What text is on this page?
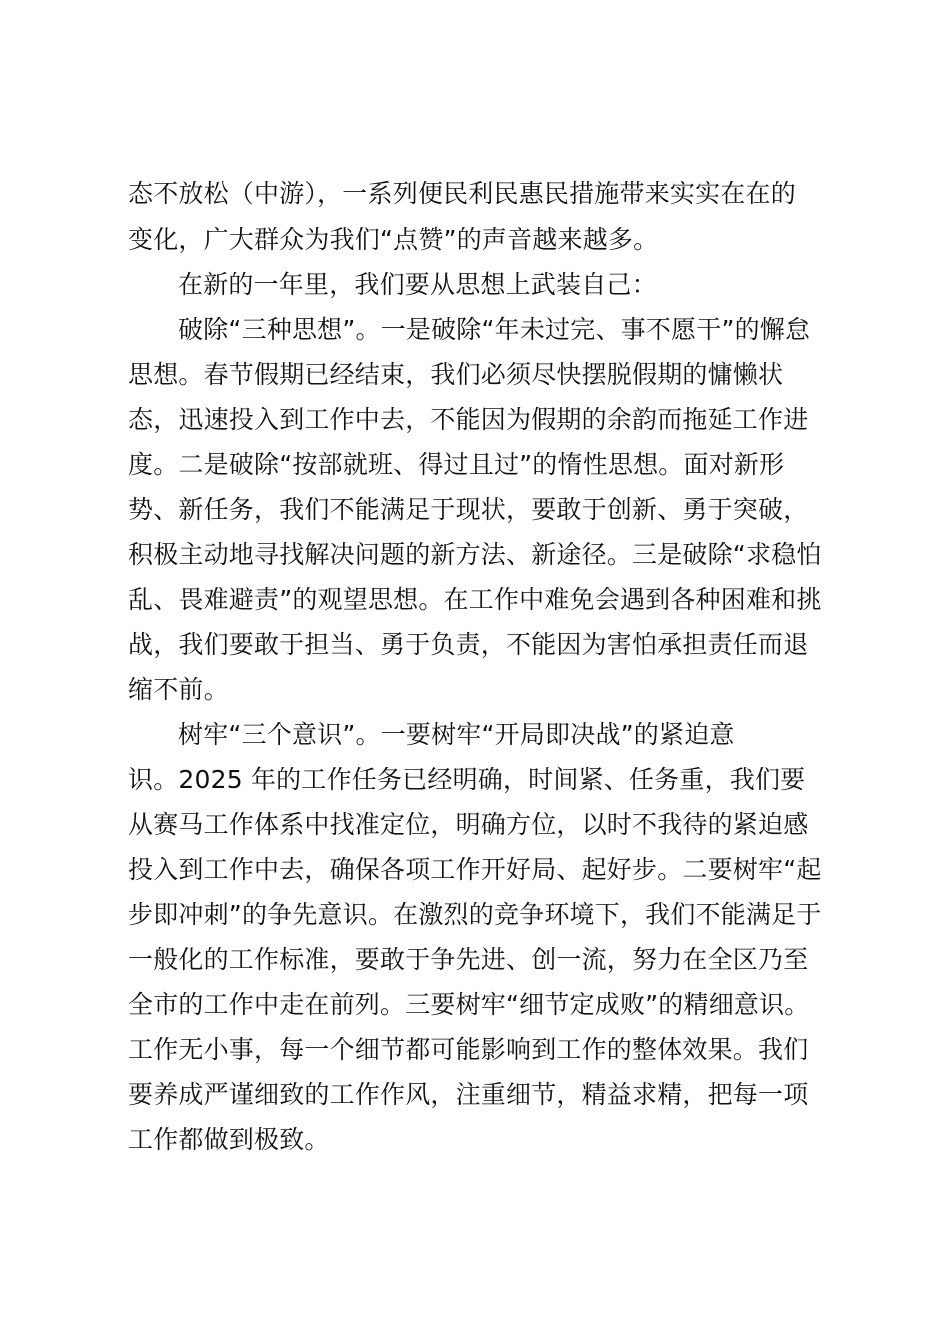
态不放松（中游），一系列便民利民惠民措施带来实实在在的
变化，广大群众为我们“点赞”的声音越来越多。
在新的一年里，我们要从思想上武装自己：
破除“三种思想”。一是破除“年未过完、事不愿干”的懈怠
思想。春节假期已经结束，我们必须尽快摆脱假期的慵懒状
态，迅速投入到工作中去，不能因为假期的余韵而拖延工作进
度。二是破除“按部就班、得过且过”的惰性思想。面对新形
势、新任务，我们不能满足于现状，要敢于创新、勇于突破，
积极主动地寻找解决问题的新方法、新途径。三是破除“求稳怕
乱、畏难避责”的观望思想。在工作中难免会遇到各种困难和挑
战，我们要敢于担当、勇于负责，不能因为害怕承担责任而退
缩不前。
树牢“三个意识”。一要树牢“开局即决战”的紧迫意
识。2025 年的工作任务已经明确，时间紧、任务重，我们要
从赛马工作体系中找准定位，明确方位，以时不我待的紧迫感
投入到工作中去，确保各项工作开好局、起好步。二要树牢“起
步即冲刺”的争先意识。在激烈的竞争环境下，我们不能满足于
一般化的工作标准，要敢于争先进、创一流，努力在全区乃至
全市的工作中走在前列。三要树牢“细节定成败”的精细意识。
工作无小事，每一个细节都可能影响到工作的整体效果。我们
要养成严谨细致的工作作风，注重细节，精益求精，把每一项
工作都做到极致。
